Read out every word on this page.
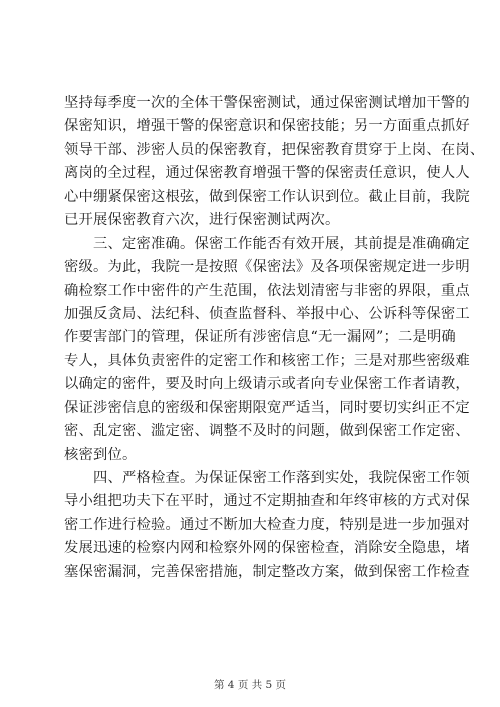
坚持每季度一次的全体干警保密测试，通过保密测试增加干警的
保密知识，增强干警的保密意识和保密技能；另一方面重点抓好
领导干部、涉密人员的保密教育，把保密教育贯穿于上岗、在岗、
离岗的全过程，通过保密教育增强干警的保密责任意识，使人人
心中绷紧保密这根弦，做到保密工作认识到位。截止目前，我院
已开展保密教育六次，进行保密测试两次。
　　三、定密准确。保密工作能否有效开展，其前提是准确确定
密级。为此，我院一是按照《保密法》及各项保密规定进一步明
确检察工作中密件的产生范围，依法划清密与非密的界限，重点
加强反贪局、法纪科、侦查监督科、举报中心、公诉科等保密工
作要害部门的管理，保证所有涉密信息“无一漏网”；二是明确
专人，具体负责密件的定密工作和核密工作；三是对那些密级难
以确定的密件，要及时向上级请示或者向专业保密工作者请教，
保证涉密信息的密级和保密期限宽严适当，同时要切实纠正不定
密、乱定密、滥定密、调整不及时的问题，做到保密工作定密、
核密到位。
　　四、严格检查。为保证保密工作落到实处，我院保密工作领
导小组把功夫下在平时，通过不定期抽查和年终审核的方式对保
密工作进行检验。通过不断加大检查力度，特别是进一步加强对
发展迅速的检察内网和检察外网的保密检查，消除安全隐患，堵
塞保密漏洞，完善保密措施，制定整改方案，做到保密工作检查
第 4 页 共 5 页
